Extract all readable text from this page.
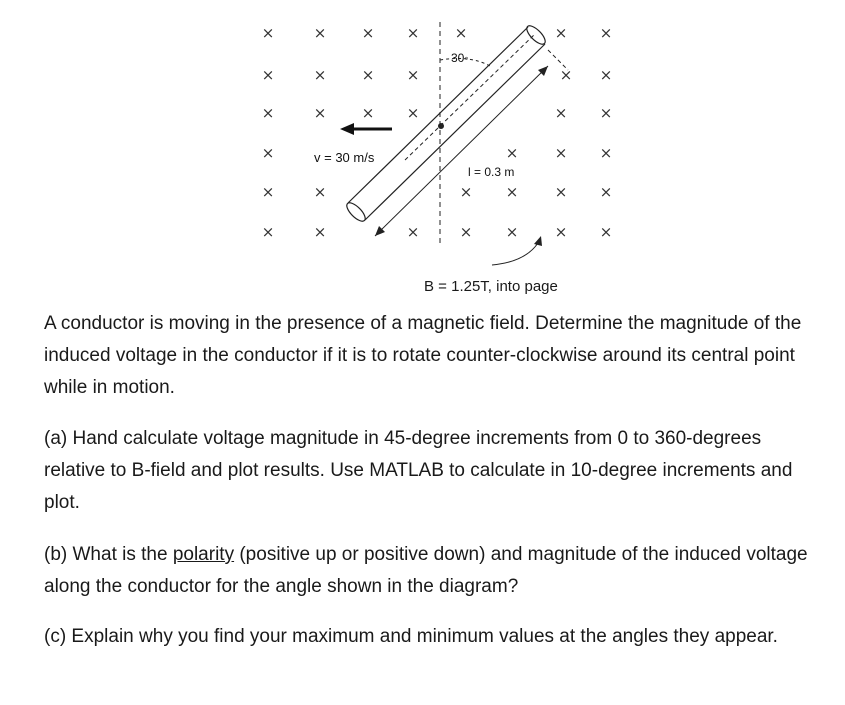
×	× × × ×	× ×
×	× × ×	× ×
×	× × ×	× ×
×	× × ×
×	×	× × × ×
×	×	×	× × × ×
30◦
v = 30 m/s
l = 0.3 m
B = 1.25T, into page

A conductor is moving in the presence of a magnetic field. Determine the magnitude of the induced voltage in the conductor if it is to rotate counter-clockwise around its central point while in motion.

(a) Hand calculate voltage magnitude in 45-degree increments from 0 to 360-degrees relative to B-field and plot results. Use MATLAB to calculate in 10-degree increments and plot.

(b) What is the polarity (positive up or positive down) and magnitude of the induced voltage along the conductor for the angle shown in the diagram?

(c) Explain why you find your maximum and minimum values at the angles they appear.
